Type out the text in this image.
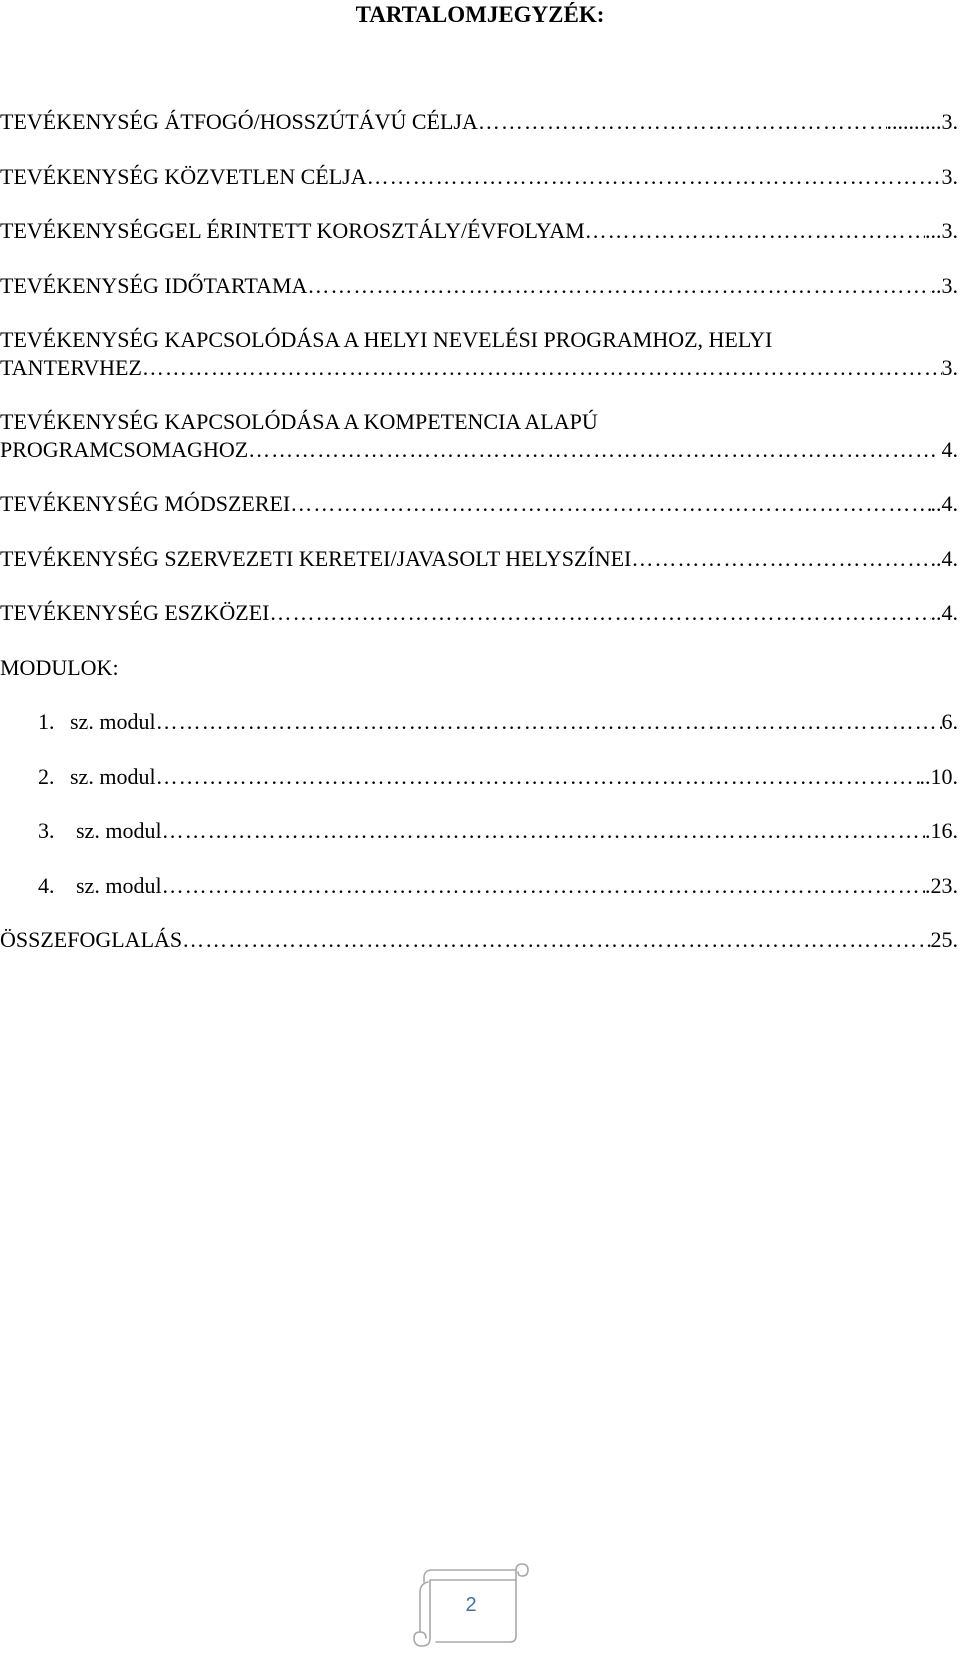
TARTALOMJEGYZÉK:
TEVÉKENYSÉG ÁTFOGÓ/HOSSZÚTÁVÚ CÉLJA ………………………………………………………………………………………………………………………………………………………………………………………	..........3.
TEVÉKENYSÉG KÖZVETLEN CÉLJA ………………………………………………………………………………………………………………………………………………………………………………………	3.
TEVÉKENYSÉGGEL ÉRINTETT KOROSZTÁLY/ÉVFOLYAM ………………………………………………………………………………………………………………………………………………………………………………………	...3.
TEVÉKENYSÉG IDŐTARTAMA ………………………………………………………………………………………………………………………………………………………………………………………	..3.
TEVÉKENYSÉG KAPCSOLÓDÁSA A HELYI NEVELÉSI PROGRAMHOZ, HELYI
TANTERVHEZ ………………………………………………………………………………………………………………………………………………………………………………………	3.
TEVÉKENYSÉG KAPCSOLÓDÁSA A KOMPETENCIA ALAPÚ
PROGRAMCSOMAGHOZ ………………………………………………………………………………………………………………………………………………………………………………………	. 4.
TEVÉKENYSÉG MÓDSZEREI ………………………………………………………………………………………………………………………………………………………………………………………	..4.
TEVÉKENYSÉG SZERVEZETI KERETEI/JAVASOLT HELYSZÍNEI ………………………………………………………………………………………………………………………………………………………………………………………	..4.
TEVÉKENYSÉG ESZKÖZEI ………………………………………………………………………………………………………………………………………………………………………………………	..4.
MODULOK:
1. sz. modul ………………………………………………………………………………………………………………………………………………………………………………………	6.
2. sz. modul ………………………………………………………………………………………………………………………………………………………………………………………	..10.
3. sz. modul ………………………………………………………………………………………………………………………………………………………………………………………	.16.
4. sz. modul ………………………………………………………………………………………………………………………………………………………………………………………	.23.
ÖSSZEFOGLALÁS ………………………………………………………………………………………………………………………………………………………………………………………	25.
2
